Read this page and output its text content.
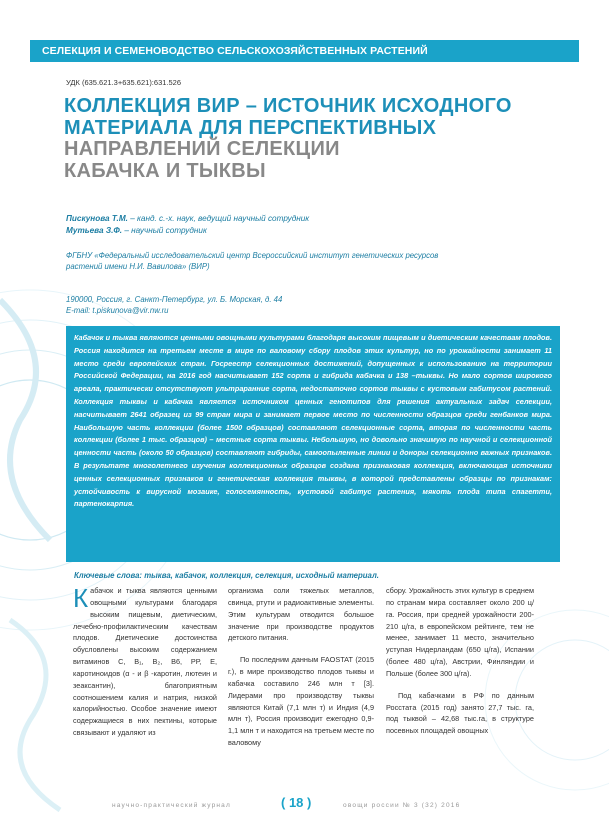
СЕЛЕКЦИЯ И СЕМЕНОВОДСТВО СЕЛЬСКОХОЗЯЙСТВЕННЫХ РАСТЕНИЙ
УДК (635.621.3+635.621):631.526
КОЛЛЕКЦИЯ ВИР – ИСТОЧНИК ИСХОДНОГО
МАТЕРИАЛА ДЛЯ ПЕРСПЕКТИВНЫХ
НАПРАВЛЕНИЙ СЕЛЕКЦИИ
КАБАЧКА И ТЫКВЫ
Пискунова Т.М. – канд. с.-х. наук, ведущий научный сотрудник
Мутьева З.Ф. – научный сотрудник
ФГБНУ «Федеральный исследовательский центр Всероссийский институт генетических ресурсов растений имени Н.И. Вавилова» (ВИР)
190000, Россия, г. Санкт-Петербург, ул. Б. Морская, д. 44
E-mail: t.piskunova@vir.nw.ru
Кабачок и тыква являются ценными овощными культурами благодаря высоким пищевым и диетическим качествам плодов. Россия находится на третьем месте в мире по валовому сбору плодов этих культур, но по урожайности занимает 11 место среди европейских стран. Госреестр селекционных достижений, допущенных к использованию на территории Российской Федерации, на 2016 год насчитывает 152 сорта и гибрида кабачка и 138 –тыквы. Но мало сортов широкого ареала, практически отсутствуют ультраранние сорта, недостаточно сортов тыквы с кустовым габитусом растений. Коллекция тыквы и кабачка является источником ценных генотипов для решения актуальных задач селекции, насчитывает 2641 образец из 99 стран мира и занимает первое место по численности образцов среди генбанков мира. Наибольшую часть коллекции (более 1500 образцов) составляют селекционные сорта, вторая по численности часть коллекции (более 1 тыс. образцов) – местные сорта тыквы. Небольшую, но довольно значимую по научной и селекционной ценности часть (около 50 образцов) составляют гибриды, самоопыленные линии и доноры селекционно важных признаков. В результате многолетнего изучения коллекционных образцов создана признаковая коллекция, включающая источники ценных селекционных признаков и генетическая коллекция тыквы, в которой представлены образцы по признакам: устойчивость к вирусной мозаике, голосемянность, кустовой габитус растения, мякоть плода типа спагетти, партенокарпия.
Ключевые слова: тыква, кабачок, коллекция, селекция, исходный материал.
Кабачок и тыква являются ценными овощными культурами благодаря высоким пищевым, диетическим, лечебно-профилактическим качествам плодов. Диетические достоинства обусловлены высоким содержанием витаминов С, В₁, В₂, В6, РР, Е, каротиноидов (α - и β -каротин, лютеин и зеаксантин), благоприятным соотношением калия и натрия, низкой калорийностью. Особое значение имеют содержащиеся в них пектины, которые связывают и удаляют из
организма соли тяжелых металлов, свинца, ртути и радиоактивные элементы. Этим культурам отводится большое значение при производстве продуктов детского питания.
По последним данным FAOSTAT (2015 г.), в мире производство плодов тыквы и кабачка составило 246 млн т [3]. Лидерами про производству тыквы являются Китай (7,1 млн т) и Индия (4,9 млн т), Россия производит ежегодно 0,9-1,1 млн т и находится на третьем месте по валовому
сбору. Урожайность этих культур в среднем по странам мира составляет около 200 ц/га. Россия, при средней урожайности 200-210 ц/га, в европейском рейтинге, тем не менее, занимает 11 место, значительно уступая Нидерландам (650 ц/га), Испании (более 480 ц/га), Австрии, Финляндии и Польше (более 300 ц/га).
Под кабачками в РФ по данным Росстата (2015 год) занято 27,7 тыс. га, под тыквой – 42,68 тыс.га, в структуре посевных площадей овощных
научно-практический журнал	( 18 )	овощи россии № 3 (32) 2016
